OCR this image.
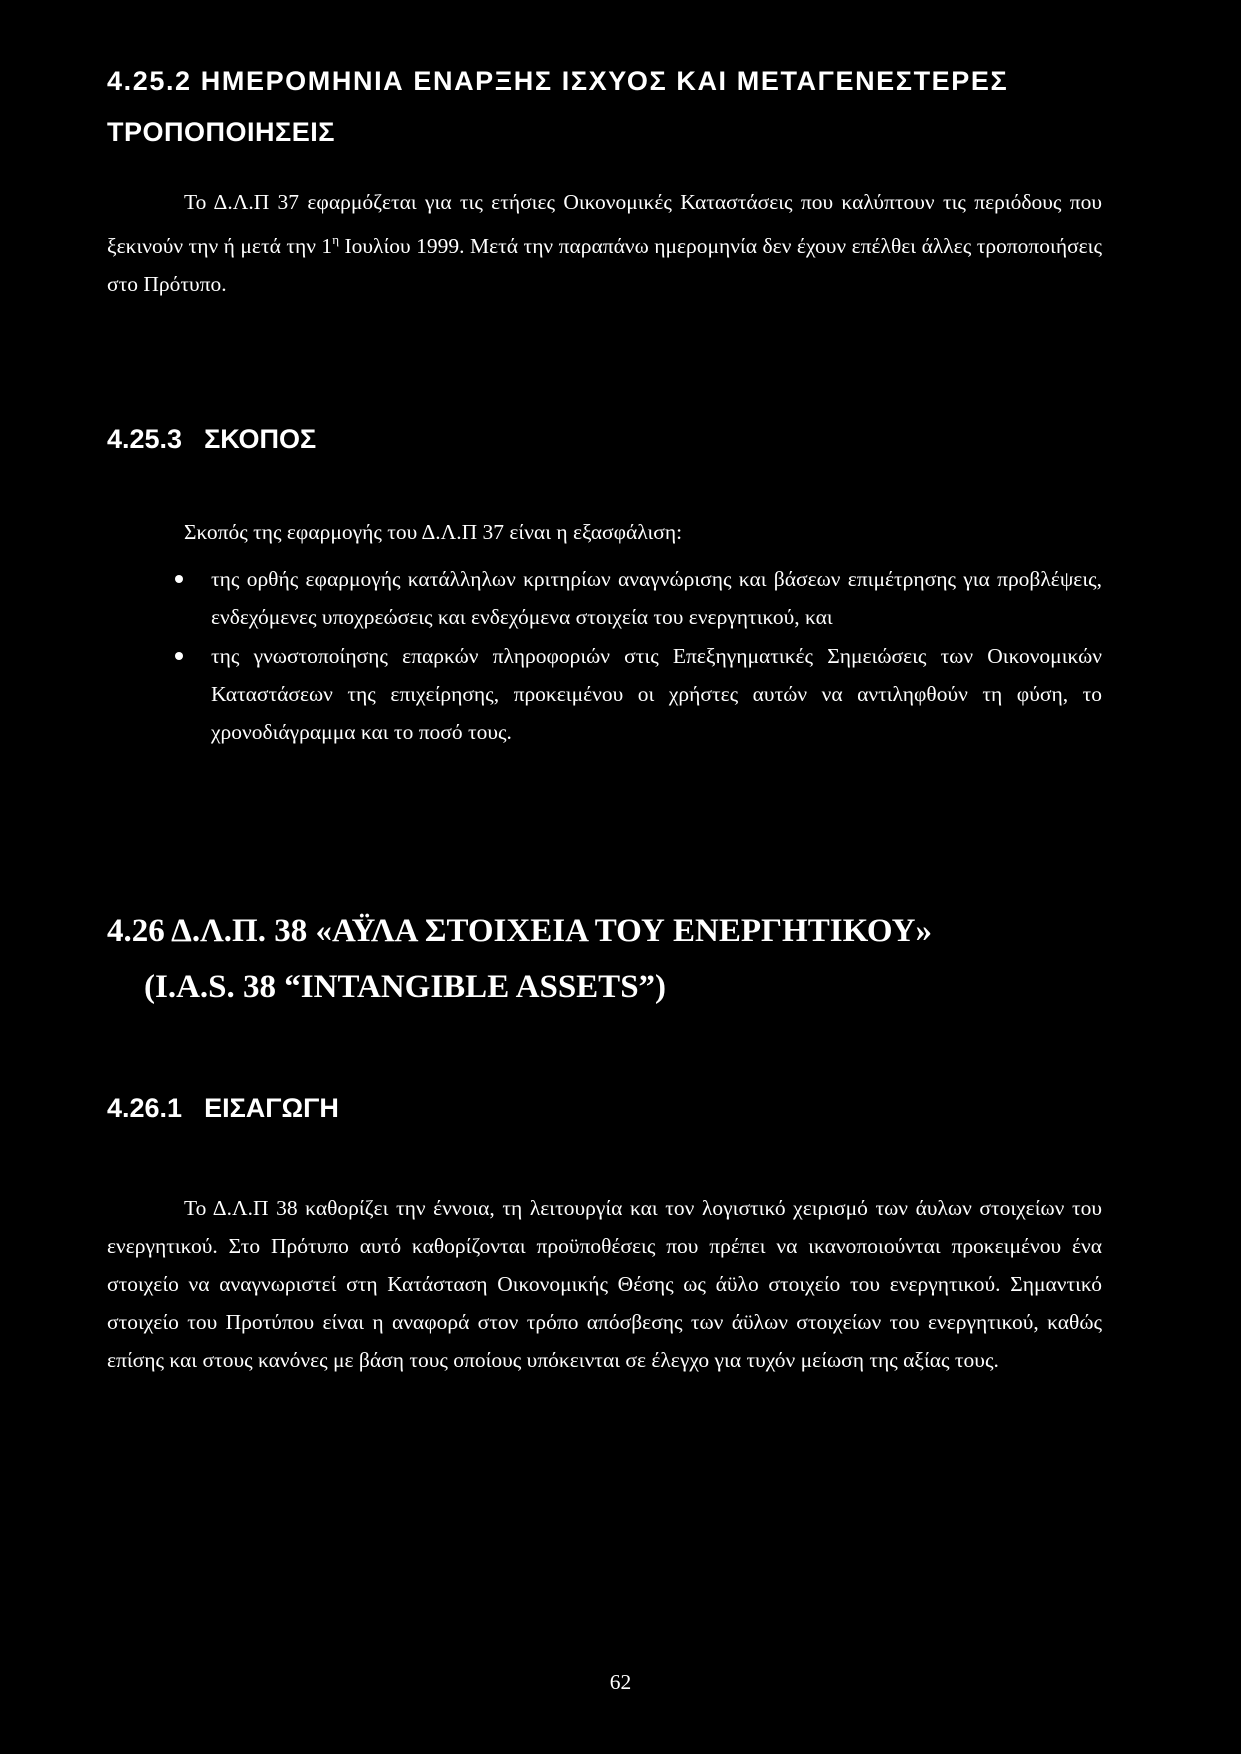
4.25.2 ΗΜΕΡΟΜΗΝΙΑ ΕΝΑΡΞΗΣ ΙΣΧΥΟΣ ΚΑΙ ΜΕΤΑΓΕΝΕΣΤΕΡΕΣ
ΤΡΟΠΟΠΟΙΗΣΕΙΣ
Το Δ.Λ.Π 37 εφαρμόζεται για τις ετήσιες Οικονομικές Καταστάσεις που καλύπτουν τις περιόδους που ξεκινούν την ή μετά την $1^\eta$ Ιουλίου 1999. Μετά την παραπάνω ημερομηνία δεν έχουν επέλθει άλλες τροποποιήσεις στο Πρότυπο.
4.25.3 ΣΚΟΠΟΣ
Σκοπός της εφαρμογής του Δ.Λ.Π 37 είναι η εξασφάλιση:
της ορθής εφαρμογής κατάλληλων κριτηρίων αναγνώρισης και βάσεων επιμέτρησης για προβλέψεις, ενδεχόμενες υποχρεώσεις και ενδεχόμενα στοιχεία του ενεργητικού, και
της γνωστοποίησης επαρκών πληροφοριών στις Επεξηγηματικές Σημειώσεις των Οικονομικών Καταστάσεων της επιχείρησης, προκειμένου οι χρήστες αυτών να αντιληφθούν τη φύση, το χρονοδιάγραμμα και το ποσό τους.
4.26 Δ.Λ.Π. 38 «ΑΫΛΑ ΣΤΟΙΧΕΙΑ ΤΟΥ ΕΝΕΡΓΗΤΙΚΟΥ»
(I.A.S. 38 “INTANGIBLE ASSETS”)
4.26.1 ΕΙΣΑΓΩΓΗ
Το Δ.Λ.Π 38 καθορίζει την έννοια, τη λειτουργία και τον λογιστικό χειρισμό των άυλων στοιχείων του ενεργητικού. Στο Πρότυπο αυτό καθορίζονται προϋποθέσεις που πρέπει να ικανοποιούνται προκειμένου ένα στοιχείο να αναγνωριστεί στη Κατάσταση Οικονομικής Θέσης ως άϋλο στοιχείο του ενεργητικού. Σημαντικό στοιχείο του Προτύπου είναι η αναφορά στον τρόπο απόσβεσης των άϋλων στοιχείων του ενεργητικού, καθώς επίσης και στους κανόνες με βάση τους οποίους υπόκεινται σε έλεγχο για τυχόν μείωση της αξίας τους.
62
